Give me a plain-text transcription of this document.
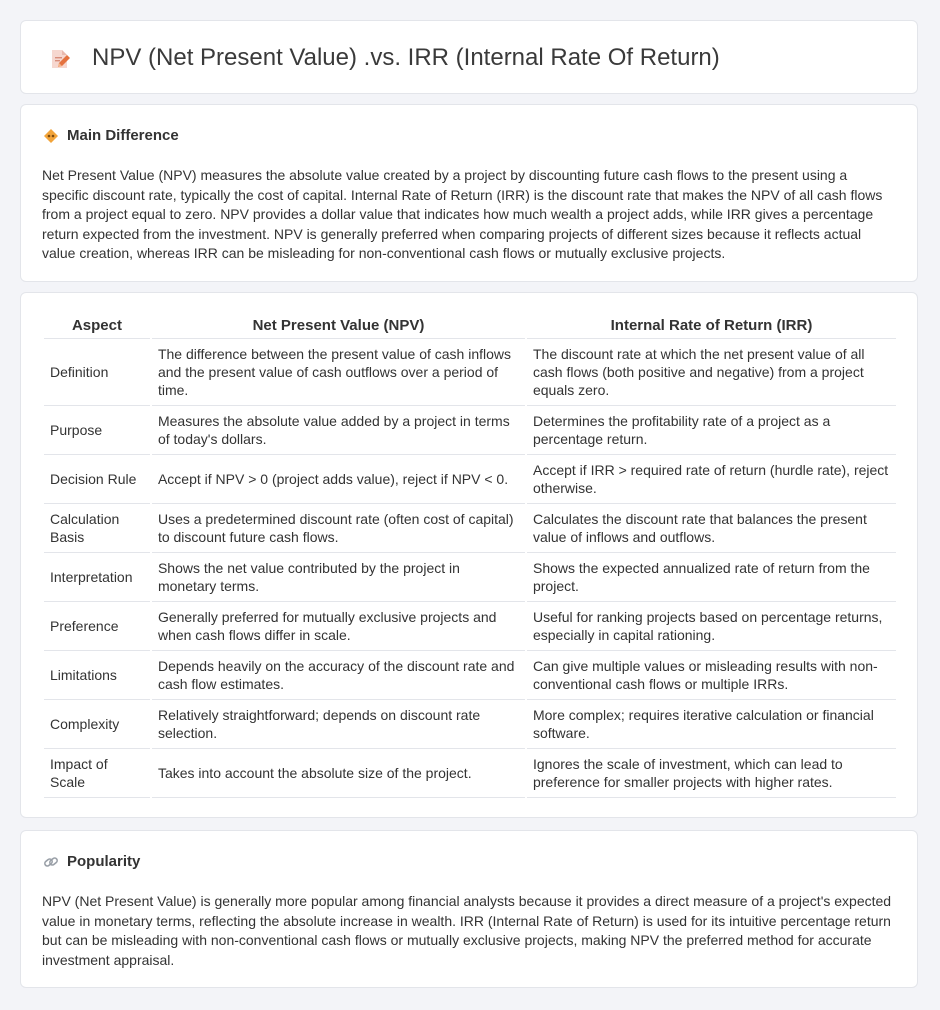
NPV (Net Present Value) .vs. IRR (Internal Rate Of Return)
Main Difference

Net Present Value (NPV) measures the absolute value created by a project by discounting future cash flows to the present using a specific discount rate, typically the cost of capital. Internal Rate of Return (IRR) is the discount rate that makes the NPV of all cash flows from a project equal to zero. NPV provides a dollar value that indicates how much wealth a project adds, while IRR gives a percentage return expected from the investment. NPV is generally preferred when comparing projects of different sizes because it reflects actual value creation, whereas IRR can be misleading for non-conventional cash flows or mutually exclusive projects.

Aspect	Net Present Value (NPV)	Internal Rate of Return (IRR)
Definition	The difference between the present value of cash inflows and the present value of cash outflows over a period of time.	The discount rate at which the net present value of all cash flows (both positive and negative) from a project equals zero.
Purpose	Measures the absolute value added by a project in terms of today's dollars.	Determines the profitability rate of a project as a percentage return.
Decision Rule	Accept if NPV > 0 (project adds value), reject if NPV < 0.	Accept if IRR > required rate of return (hurdle rate), reject otherwise.
Calculation Basis	Uses a predetermined discount rate (often cost of capital) to discount future cash flows.	Calculates the discount rate that balances the present value of inflows and outflows.
Interpretation	Shows the net value contributed by the project in monetary terms.	Shows the expected annualized rate of return from the project.
Preference	Generally preferred for mutually exclusive projects and when cash flows differ in scale.	Useful for ranking projects based on percentage returns, especially in capital rationing.
Limitations	Depends heavily on the accuracy of the discount rate and cash flow estimates.	Can give multiple values or misleading results with non-conventional cash flows or multiple IRRs.
Complexity	Relatively straightforward; depends on discount rate selection.	More complex; requires iterative calculation or financial software.
Impact of Scale	Takes into account the absolute size of the project.	Ignores the scale of investment, which can lead to preference for smaller projects with higher rates.
Popularity

NPV (Net Present Value) is generally more popular among financial analysts because it provides a direct measure of a project's expected value in monetary terms, reflecting the absolute increase in wealth. IRR (Internal Rate of Return) is used for its intuitive percentage return but can be misleading with non-conventional cash flows or mutually exclusive projects, making NPV the preferred method for accurate investment appraisal.
